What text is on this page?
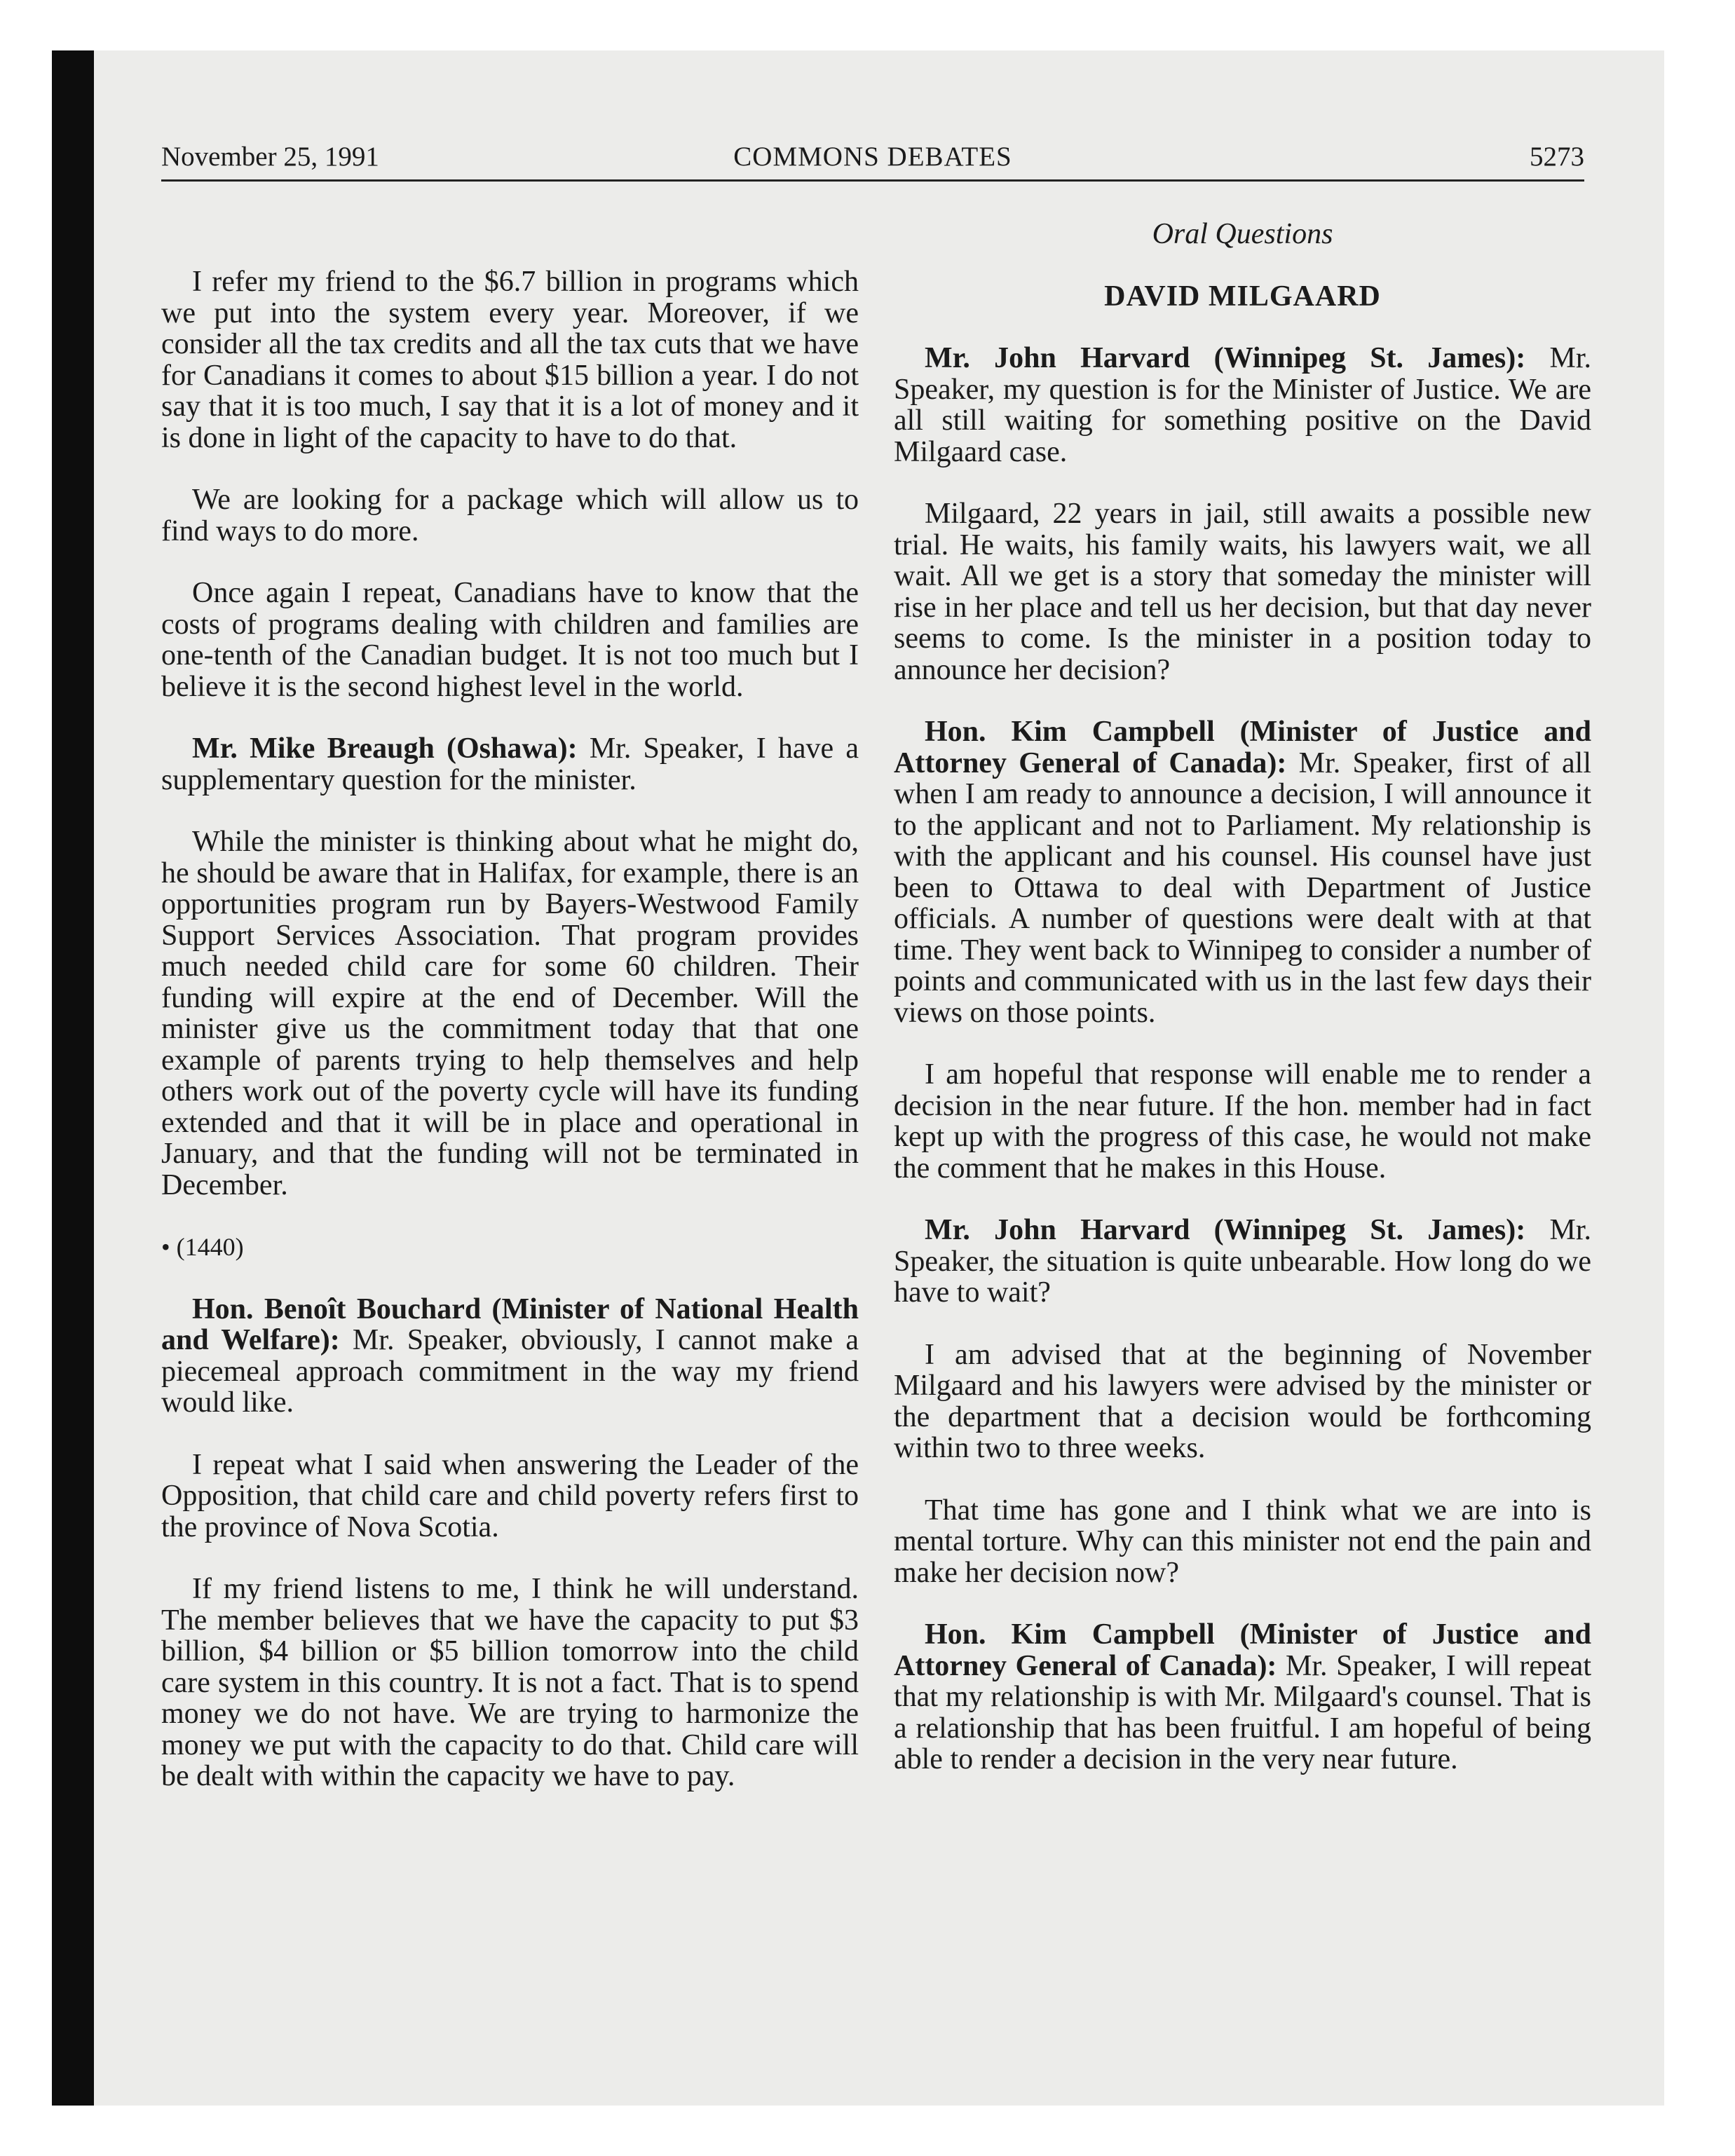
November 25, 1991	COMMONS DEBATES	5273

I refer my friend to the $6.7 billion in programs which we put into the system every year. Moreover, if we consider all the tax credits and all the tax cuts that we have for Canadians it comes to about $15 billion a year. I do not say that it is too much, I say that it is a lot of money and it is done in light of the capacity to have to do that.

We are looking for a package which will allow us to find ways to do more.

Once again I repeat, Canadians have to know that the costs of programs dealing with children and families are one-tenth of the Canadian budget. It is not too much but I believe it is the second highest level in the world.

Mr. Mike Breaugh (Oshawa): Mr. Speaker, I have a supplementary question for the minister.

While the minister is thinking about what he might do, he should be aware that in Halifax, for example, there is an opportunities program run by Bayers-Westwood Family Support Services Association. That program provides much needed child care for some 60 children. Their funding will expire at the end of December. Will the minister give us the commitment today that that one example of parents trying to help themselves and help others work out of the poverty cycle will have its funding extended and that it will be in place and operational in January, and that the funding will not be terminated in December.

• (1440)

Hon. Benoît Bouchard (Minister of National Health and Welfare): Mr. Speaker, obviously, I cannot make a piecemeal approach commitment in the way my friend would like.

I repeat what I said when answering the Leader of the Opposition, that child care and child poverty refers first to the province of Nova Scotia.

If my friend listens to me, I think he will understand. The member believes that we have the capacity to put $3 billion, $4 billion or $5 billion tomorrow into the child care system in this country. It is not a fact. That is to spend money we do not have. We are trying to harmonize the money we put with the capacity to do that. Child care will be dealt with within the capacity we have to pay.

Oral Questions

DAVID MILGAARD

Mr. John Harvard (Winnipeg St. James): Mr. Speaker, my question is for the Minister of Justice. We are all still waiting for something positive on the David Milgaard case.

Milgaard, 22 years in jail, still awaits a possible new trial. He waits, his family waits, his lawyers wait, we all wait. All we get is a story that someday the minister will rise in her place and tell us her decision, but that day never seems to come. Is the minister in a position today to announce her decision?

Hon. Kim Campbell (Minister of Justice and Attorney General of Canada): Mr. Speaker, first of all when I am ready to announce a decision, I will announce it to the applicant and not to Parliament. My relationship is with the applicant and his counsel. His counsel have just been to Ottawa to deal with Department of Justice officials. A number of questions were dealt with at that time. They went back to Winnipeg to consider a number of points and communicated with us in the last few days their views on those points.

I am hopeful that response will enable me to render a decision in the near future. If the hon. member had in fact kept up with the progress of this case, he would not make the comment that he makes in this House.

Mr. John Harvard (Winnipeg St. James): Mr. Speaker, the situation is quite unbearable. How long do we have to wait?

I am advised that at the beginning of November Milgaard and his lawyers were advised by the minister or the department that a decision would be forthcoming within two to three weeks.

That time has gone and I think what we are into is mental torture. Why can this minister not end the pain and make her decision now?

Hon. Kim Campbell (Minister of Justice and Attorney General of Canada): Mr. Speaker, I will repeat that my relationship is with Mr. Milgaard's counsel. That is a relationship that has been fruitful. I am hopeful of being able to render a decision in the very near future.
